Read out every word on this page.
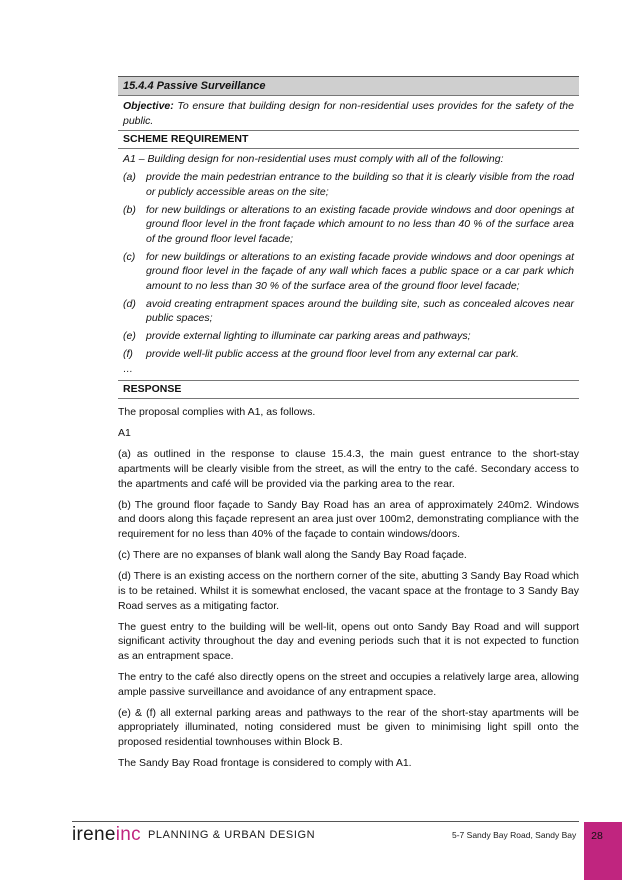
15.4.4 Passive Surveillance
Objective: To ensure that building design for non-residential uses provides for the safety of the public.
SCHEME REQUIREMENT
A1 – Building design for non-residential uses must comply with all of the following:
(a) provide the main pedestrian entrance to the building so that it is clearly visible from the road or publicly accessible areas on the site;
(b) for new buildings or alterations to an existing facade provide windows and door openings at ground floor level in the front façade which amount to no less than 40 % of the surface area of the ground floor level facade;
(c)	for new buildings or alterations to an existing facade provide windows and door openings at ground floor level in the façade of any wall which faces a public space or a car park which amount to no less than 30 % of the surface area of the ground floor level facade;
(d) avoid creating entrapment spaces around the building site, such as concealed alcoves near public spaces;
(e) provide external lighting to illuminate car parking areas and pathways;
(f)	provide well-lit public access at the ground floor level from any external car park.
…
RESPONSE

The proposal complies with A1, as follows.

A1

(a) as outlined in the response to clause 15.4.3, the main guest entrance to the short-stay apartments will be clearly visible from the street, as will the entry to the café. Secondary access to the apartments and café will be provided via the parking area to the rear.

(b) The ground floor façade to Sandy Bay Road has an area of approximately 240m2. Windows and doors along this façade represent an area just over 100m2, demonstrating compliance with the requirement for no less than 40% of the façade to contain windows/doors.

(c) There are no expanses of blank wall along the Sandy Bay Road façade.

(d) There is an existing access on the northern corner of the site, abutting 3 Sandy Bay Road which is to be retained. Whilst it is somewhat enclosed, the vacant space at the frontage to 3 Sandy Bay Road serves as a mitigating factor.

The guest entry to the building will be well-lit, opens out onto Sandy Bay Road and will support significant activity throughout the day and evening periods such that it is not expected to function as an entrapment space.

The entry to the café also directly opens on the street and occupies a relatively large area, allowing ample passive surveillance and avoidance of any entrapment space.

(e) & (f) all external parking areas and pathways to the rear of the short-stay apartments will be appropriately illuminated, noting considered must be given to minimising light spill onto the proposed residential townhouses within Block B.

The Sandy Bay Road frontage is considered to comply with A1.

ireneinc PLANNING & URBAN DESIGN	5-7 Sandy Bay Road, Sandy Bay	28
